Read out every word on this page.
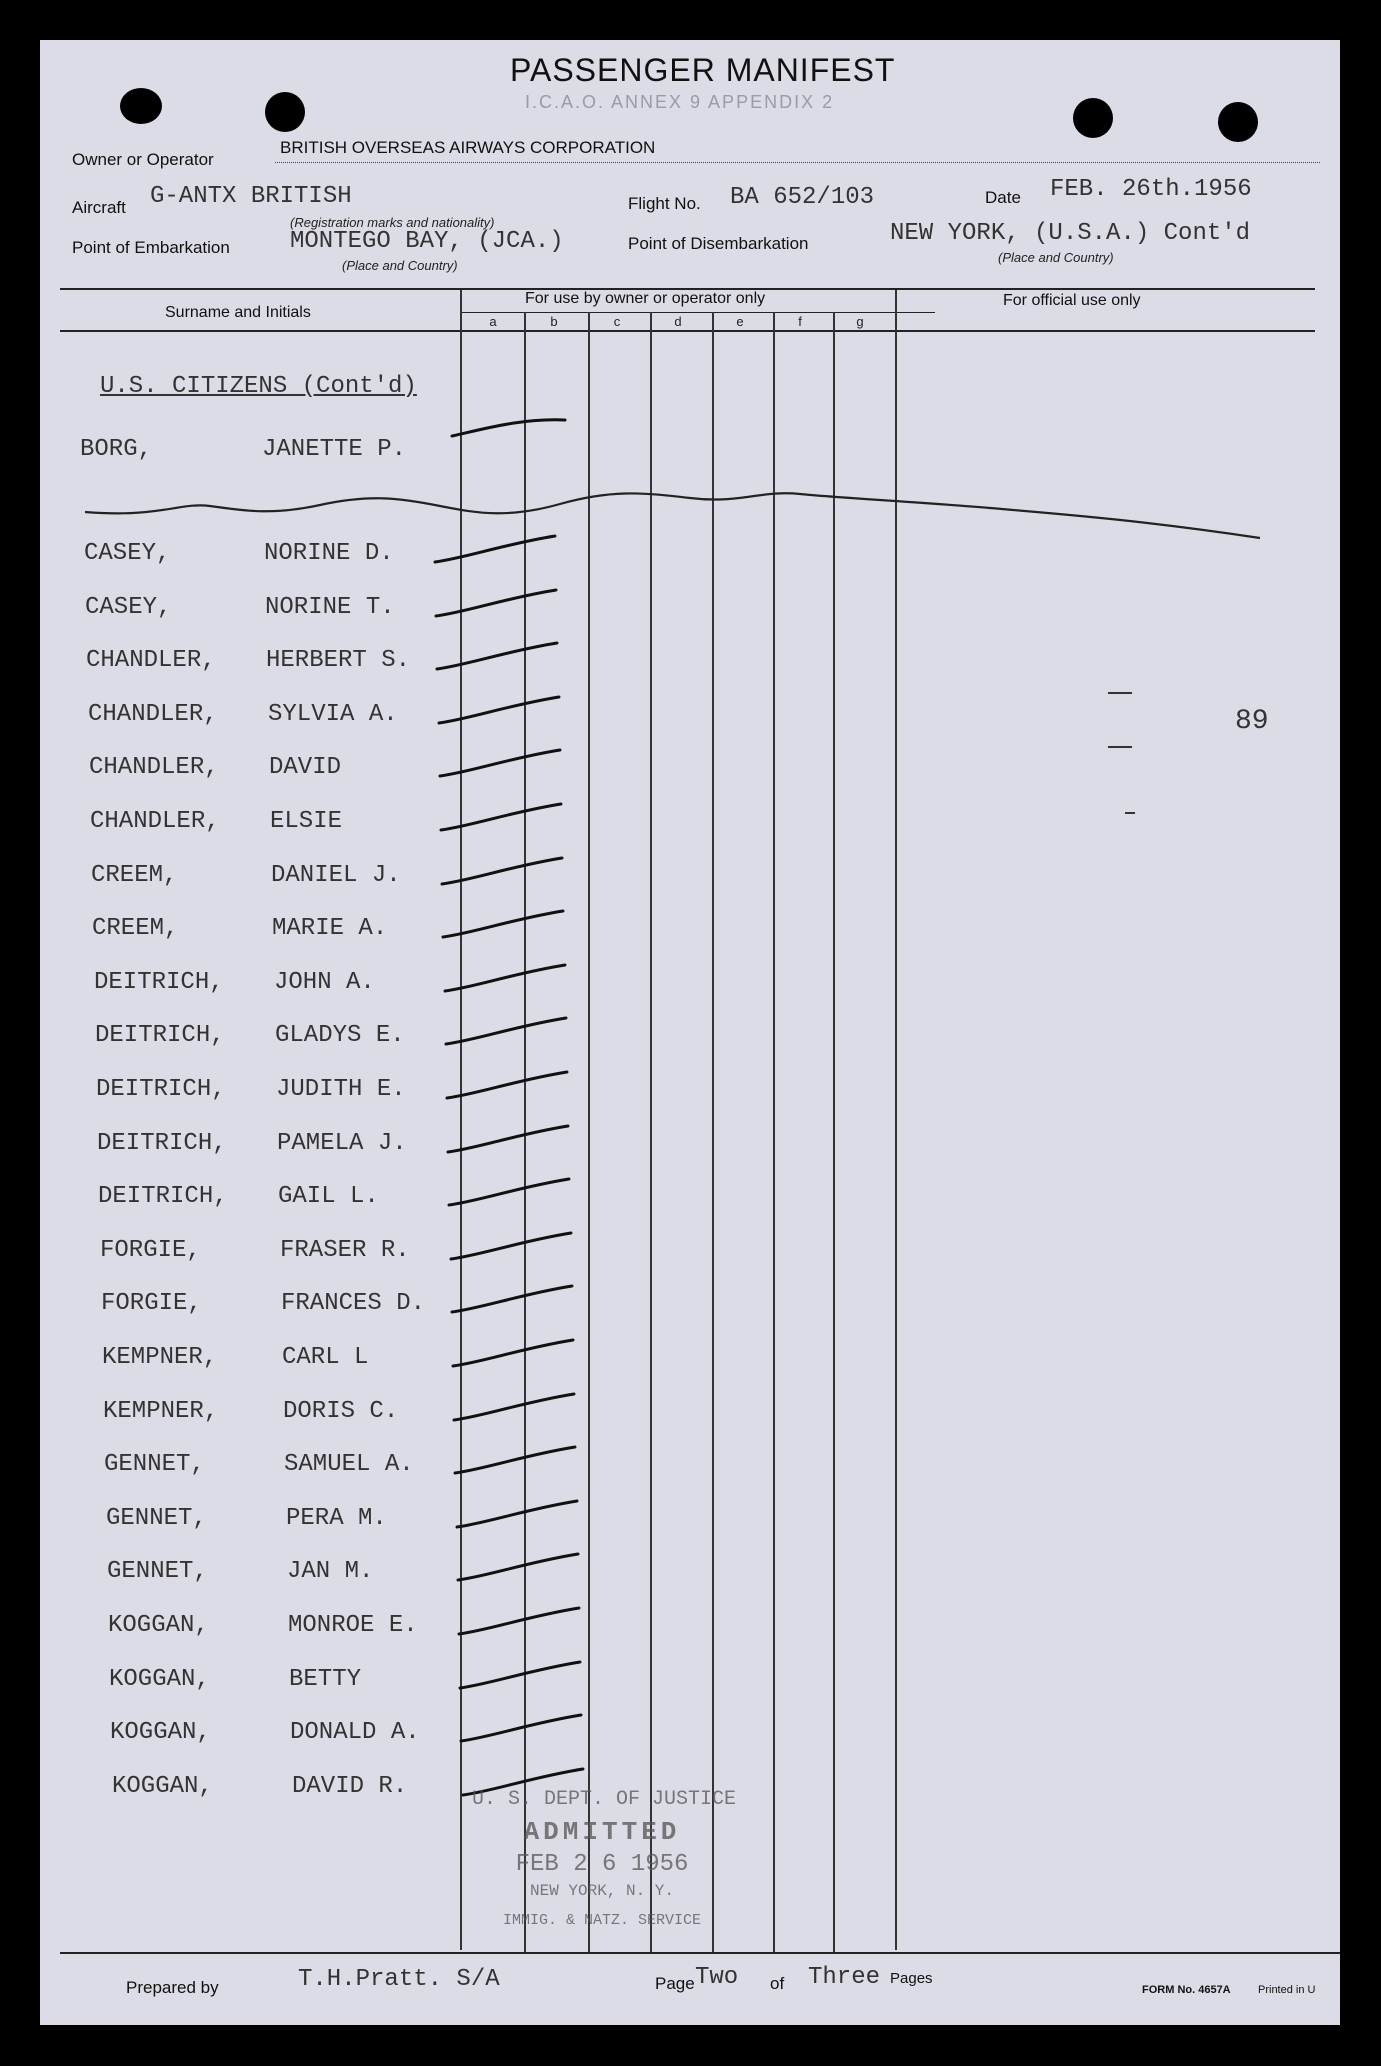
PASSENGER MANIFEST
I.C.A.O. ANNEX 9 APPENDIX 2
Owner or Operator
BRITISH OVERSEAS AIRWAYS CORPORATION
Aircraft G-ANTX BRITISH
(Registration marks and nationality)
Flight No. BA 652/103	Date FEB. 26th.1956
Point of Embarkation	MONTEGO BAY, (JCA.)
(Place and Country)
Point of Disembarkation	NEW YORK, (U.S.A.) Cont'd
(Place and Country)
Surname and Initials
For use by owner or operator only	For official use only
a	b	c	d	e	f	g
U.S. CITIZENS (Cont'd)
BORG,	JANETTE P.
CASEY,	NORINE D.
CASEY,	NORINE T.
CHANDLER, HERBERT S.
CHANDLER, SYLVIA A.
CHANDLER, DAVID
CHANDLER, ELSIE
CREEM,	DANIEL J.
CREEM,	MARIE A.
DEITRICH, JOHN A.
DEITRICH, GLADYS E.
DEITRICH, JUDITH E.
DEITRICH, PAMELA J.
DEITRICH, GAIL L.
FORGIE,	FRASER R.
FORGIE,	FRANCES D.
KEMPNER,	CARL L
KEMPNER,	DORIS C.
GENNET,	SAMUEL A.
GENNET,	PERA M.
GENNET,	JAN M.
KOGGAN,	MONROE E.
KOGGAN,	BETTY
KOGGAN,	DONALD A.
KOGGAN,	DAVID R.
89
U. S. DEPT. OF JUSTICE
ADMITTED
FEB 2 6 1956
NEW YORK, N. Y.
IMMIG. & NATZ. SERVICE
Prepared by	T.H.Pratt. S/A	Page Two of Three Pages
FORM No. 4657A Printed in U
